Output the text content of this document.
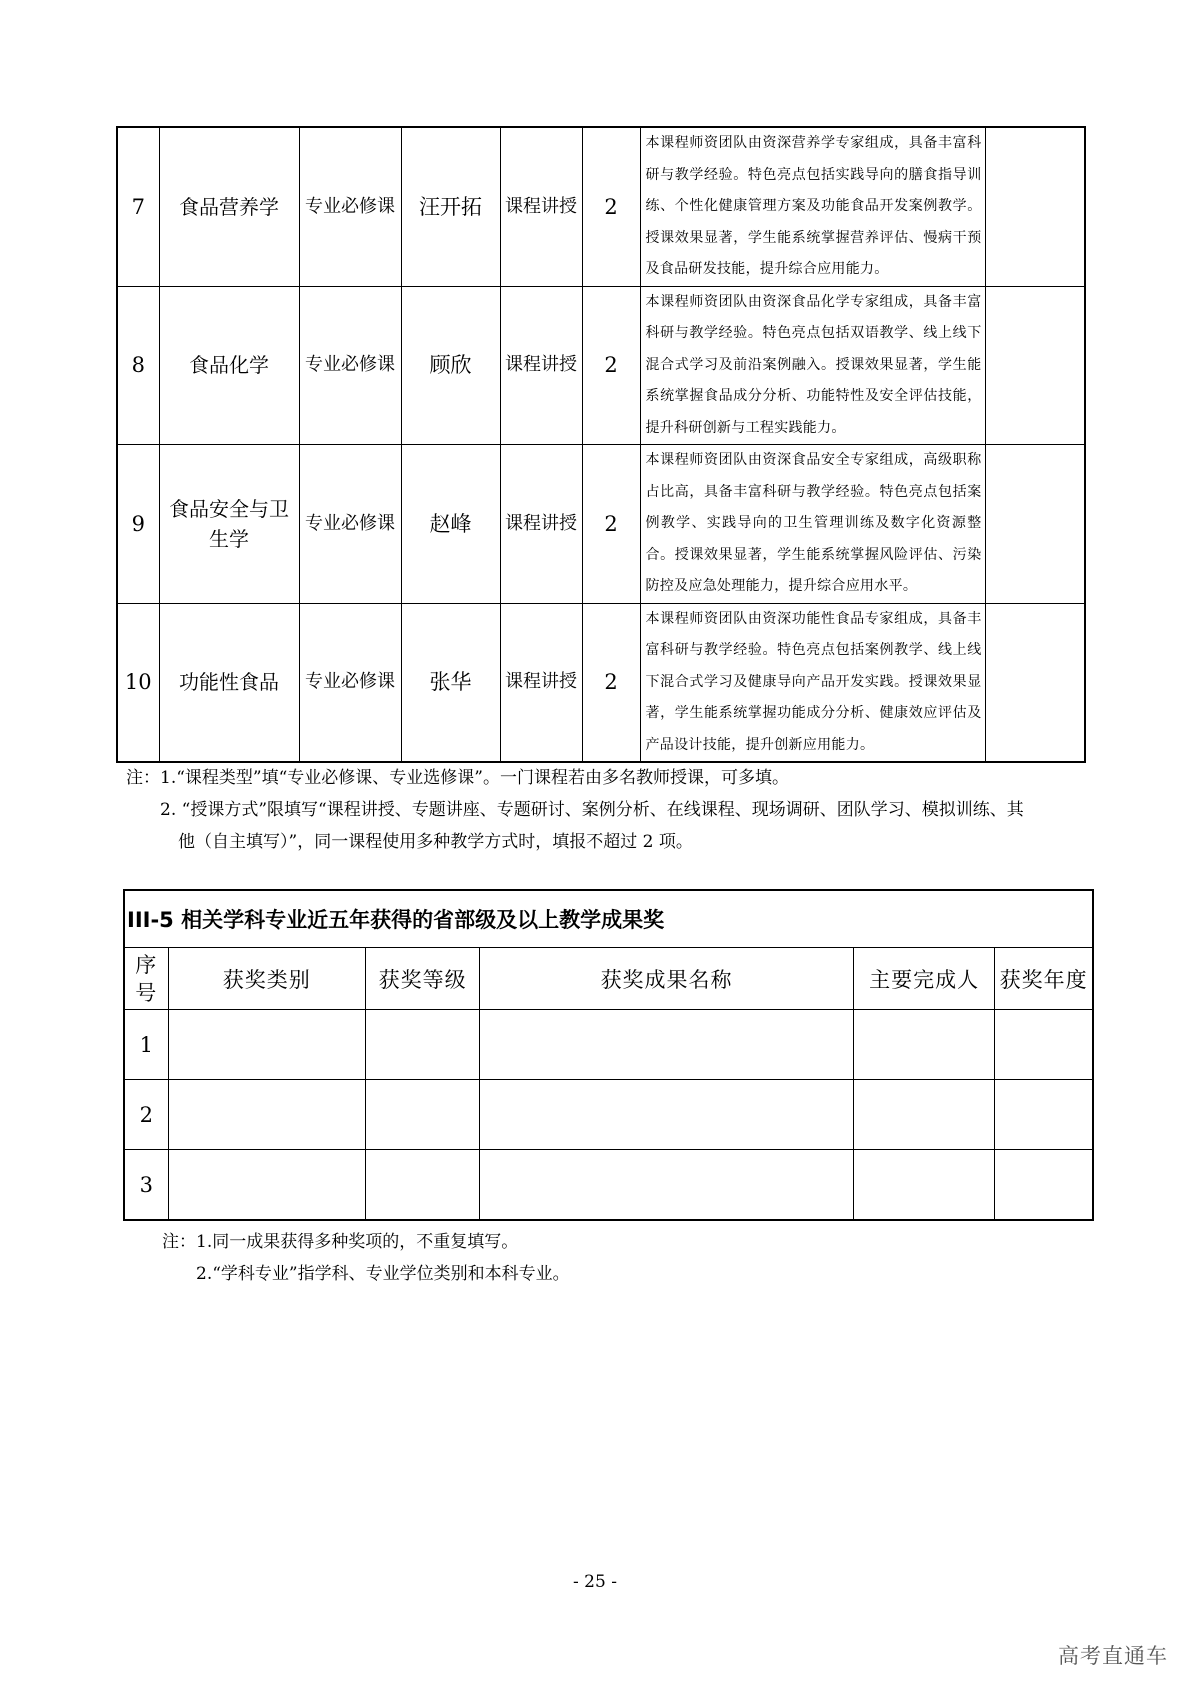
7	食品营养学	专业必修课	汪开拓	课程讲授	2	本课程师资团队由资深营养学专家组成，具备丰富科研与教学经验。特色亮点包括实践导向的膳食指导训练、个性化健康管理方案及功能食品开发案例教学。授课效果显著，学生能系统掌握营养评估、慢病干预及食品研发技能，提升综合应用能力。	
8	食品化学	专业必修课	顾欣	课程讲授	2	本课程师资团队由资深食品化学专家组成，具备丰富科研与教学经验。特色亮点包括双语教学、线上线下混合式学习及前沿案例融入。授课效果显著，学生能系统掌握食品成分分析、功能特性及安全评估技能，提升科研创新与工程实践能力。	
9	食品安全与卫生学	专业必修课	赵峰	课程讲授	2	本课程师资团队由资深食品安全专家组成，高级职称占比高，具备丰富科研与教学经验。特色亮点包括案例教学、实践导向的卫生管理训练及数字化资源整合。授课效果显著，学生能系统掌握风险评估、污染防控及应急处理能力，提升综合应用水平。	
10	功能性食品	专业必修课	张华	课程讲授	2	本课程师资团队由资深功能性食品专家组成，具备丰富科研与教学经验。特色亮点包括案例教学、线上线下混合式学习及健康导向产品开发实践。授课效果显著，学生能系统掌握功能成分分析、健康效应评估及产品设计技能，提升创新应用能力。	
注：1.“课程类型”填“专业必修课、专业选修课”。一门课程若由多名教师授课，可多填。
2. “授课方式”限填写“课程讲授、专题讲座、专题研讨、案例分析、在线课程、现场调研、团队学习、模拟训练、其
他（自主填写）”，同一课程使用多种教学方式时，填报不超过 2 项。
III-5 相关学科专业近五年获得的省部级及以上教学成果奖					
序号	获奖类别	获奖等级	获奖成果名称	主要完成人	获奖年度
1					
2					
3					
注：1.同一成果获得多种奖项的，不重复填写。
2.“学科专业”指学科、专业学位类别和本科专业。
- 25 -
高考直通车
